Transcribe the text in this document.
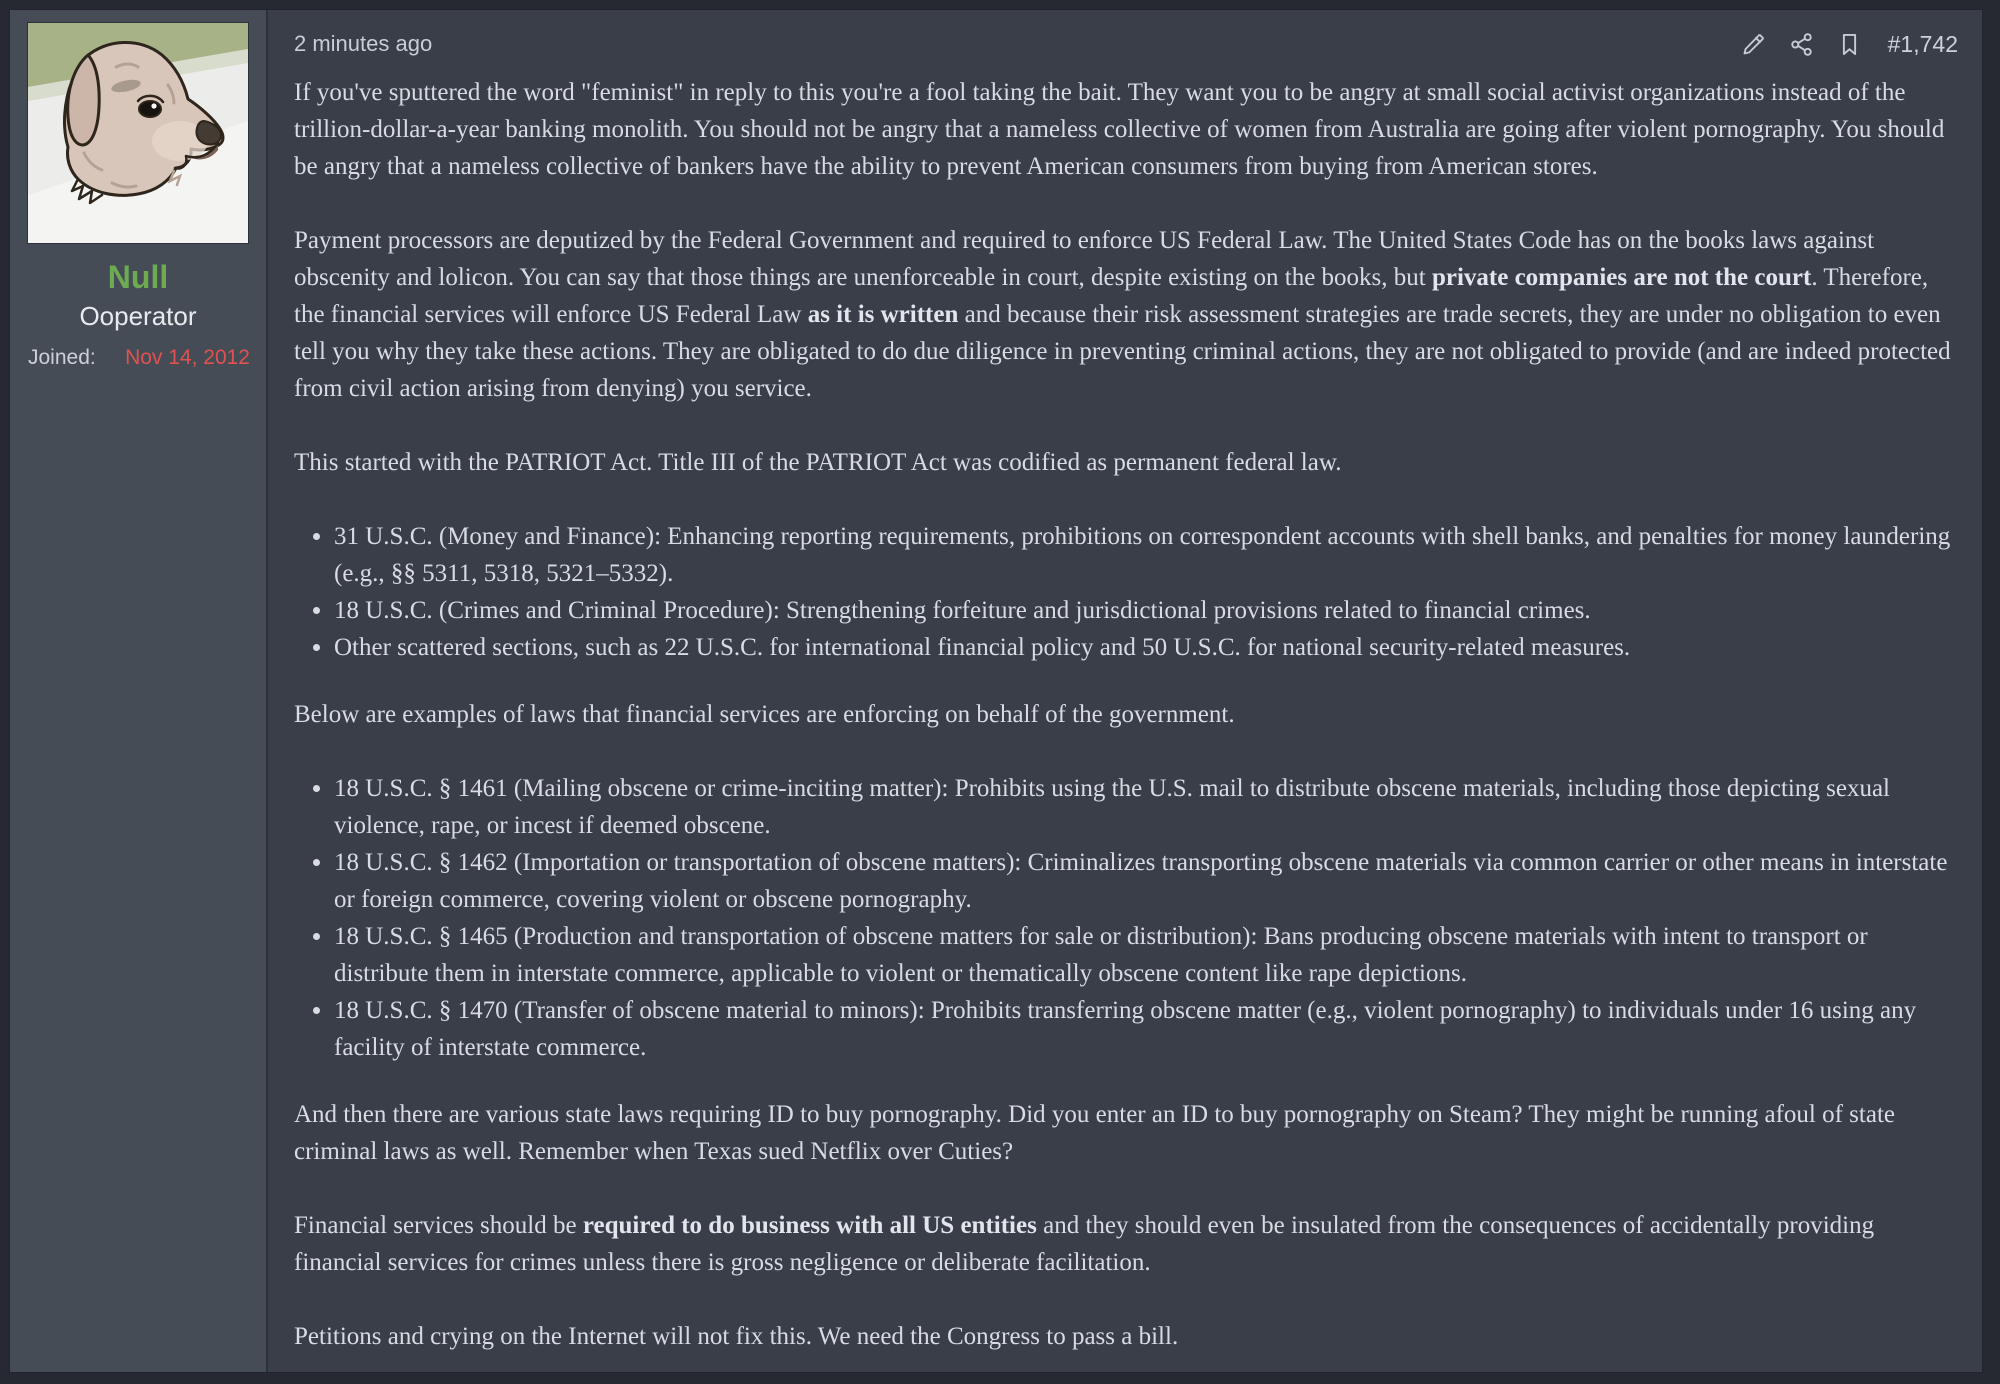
Null
Ooperator
Joined: Nov 14, 2012
2 minutes ago	#1,742

If you've sputtered the word "feminist" in reply to this you're a fool taking the bait. They want you to be angry at small social activist organizations instead of the trillion-dollar-a-year banking monolith. You should not be angry that a nameless collective of women from Australia are going after violent pornography. You should be angry that a nameless collective of bankers have the ability to prevent American consumers from buying from American stores.

Payment processors are deputized by the Federal Government and required to enforce US Federal Law. The United States Code has on the books laws against obscenity and lolicon. You can say that those things are unenforceable in court, despite existing on the books, but private companies are not the court. Therefore, the financial services will enforce US Federal Law as it is written and because their risk assessment strategies are trade secrets, they are under no obligation to even tell you why they take these actions. They are obligated to do due diligence in preventing criminal actions, they are not obligated to provide (and are indeed protected from civil action arising from denying) you service.

This started with the PATRIOT Act. Title III of the PATRIOT Act was codified as permanent federal law.

• 31 U.S.C. (Money and Finance): Enhancing reporting requirements, prohibitions on correspondent accounts with shell banks, and penalties for money laundering (e.g., §§ 5311, 5318, 5321–5332).
• 18 U.S.C. (Crimes and Criminal Procedure): Strengthening forfeiture and jurisdictional provisions related to financial crimes.
• Other scattered sections, such as 22 U.S.C. for international financial policy and 50 U.S.C. for national security-related measures.

Below are examples of laws that financial services are enforcing on behalf of the government.

• 18 U.S.C. § 1461 (Mailing obscene or crime-inciting matter): Prohibits using the U.S. mail to distribute obscene materials, including those depicting sexual violence, rape, or incest if deemed obscene.
• 18 U.S.C. § 1462 (Importation or transportation of obscene matters): Criminalizes transporting obscene materials via common carrier or other means in interstate or foreign commerce, covering violent or obscene pornography.
• 18 U.S.C. § 1465 (Production and transportation of obscene matters for sale or distribution): Bans producing obscene materials with intent to transport or distribute them in interstate commerce, applicable to violent or thematically obscene content like rape depictions.
• 18 U.S.C. § 1470 (Transfer of obscene material to minors): Prohibits transferring obscene matter (e.g., violent pornography) to individuals under 16 using any facility of interstate commerce.

And then there are various state laws requiring ID to buy pornography. Did you enter an ID to buy pornography on Steam? They might be running afoul of state criminal laws as well. Remember when Texas sued Netflix over Cuties?

Financial services should be required to do business with all US entities and they should even be insulated from the consequences of accidentally providing financial services for crimes unless there is gross negligence or deliberate facilitation.

Petitions and crying on the Internet will not fix this. We need the Congress to pass a bill.
